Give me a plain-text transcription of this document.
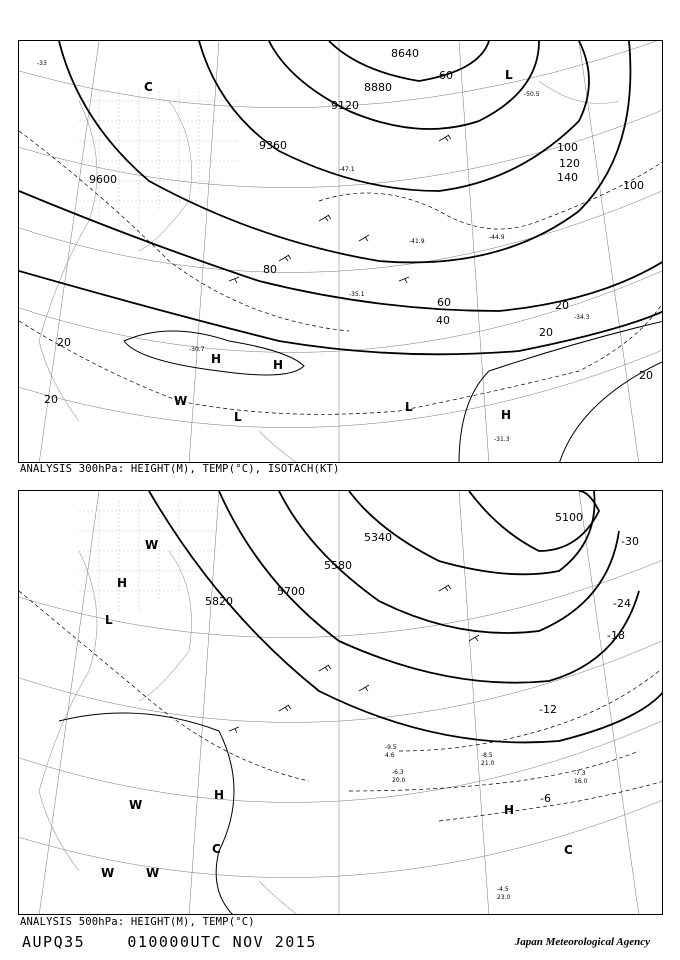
9600
9360
9120
8880
8640
20
20
20
20
20
40
60
60
100
100
120
140
80
H	H
L
L
H
C
L
W
-31.3
-30.7
-35.1
-34.3
-41.9
-44.9
-47.1
-50.5
-33
ANALYSIS 300hPa: HEIGHT(M), TEMP(°C), ISOTACH(KT)
5820
5700
5580
5340
5100
-12
-18
-24
-30
-6
H
H
H
L
C	C
W
W	W
W
-4.5
23.0
-8.5
21.0
-7.3
16.0
-9.5
4.6
-6.3
20.0
ANALYSIS 500hPa: HEIGHT(M), TEMP(°C)
AUPQ35	010000UTC NOV 2015	Japan Meteorological Agency
